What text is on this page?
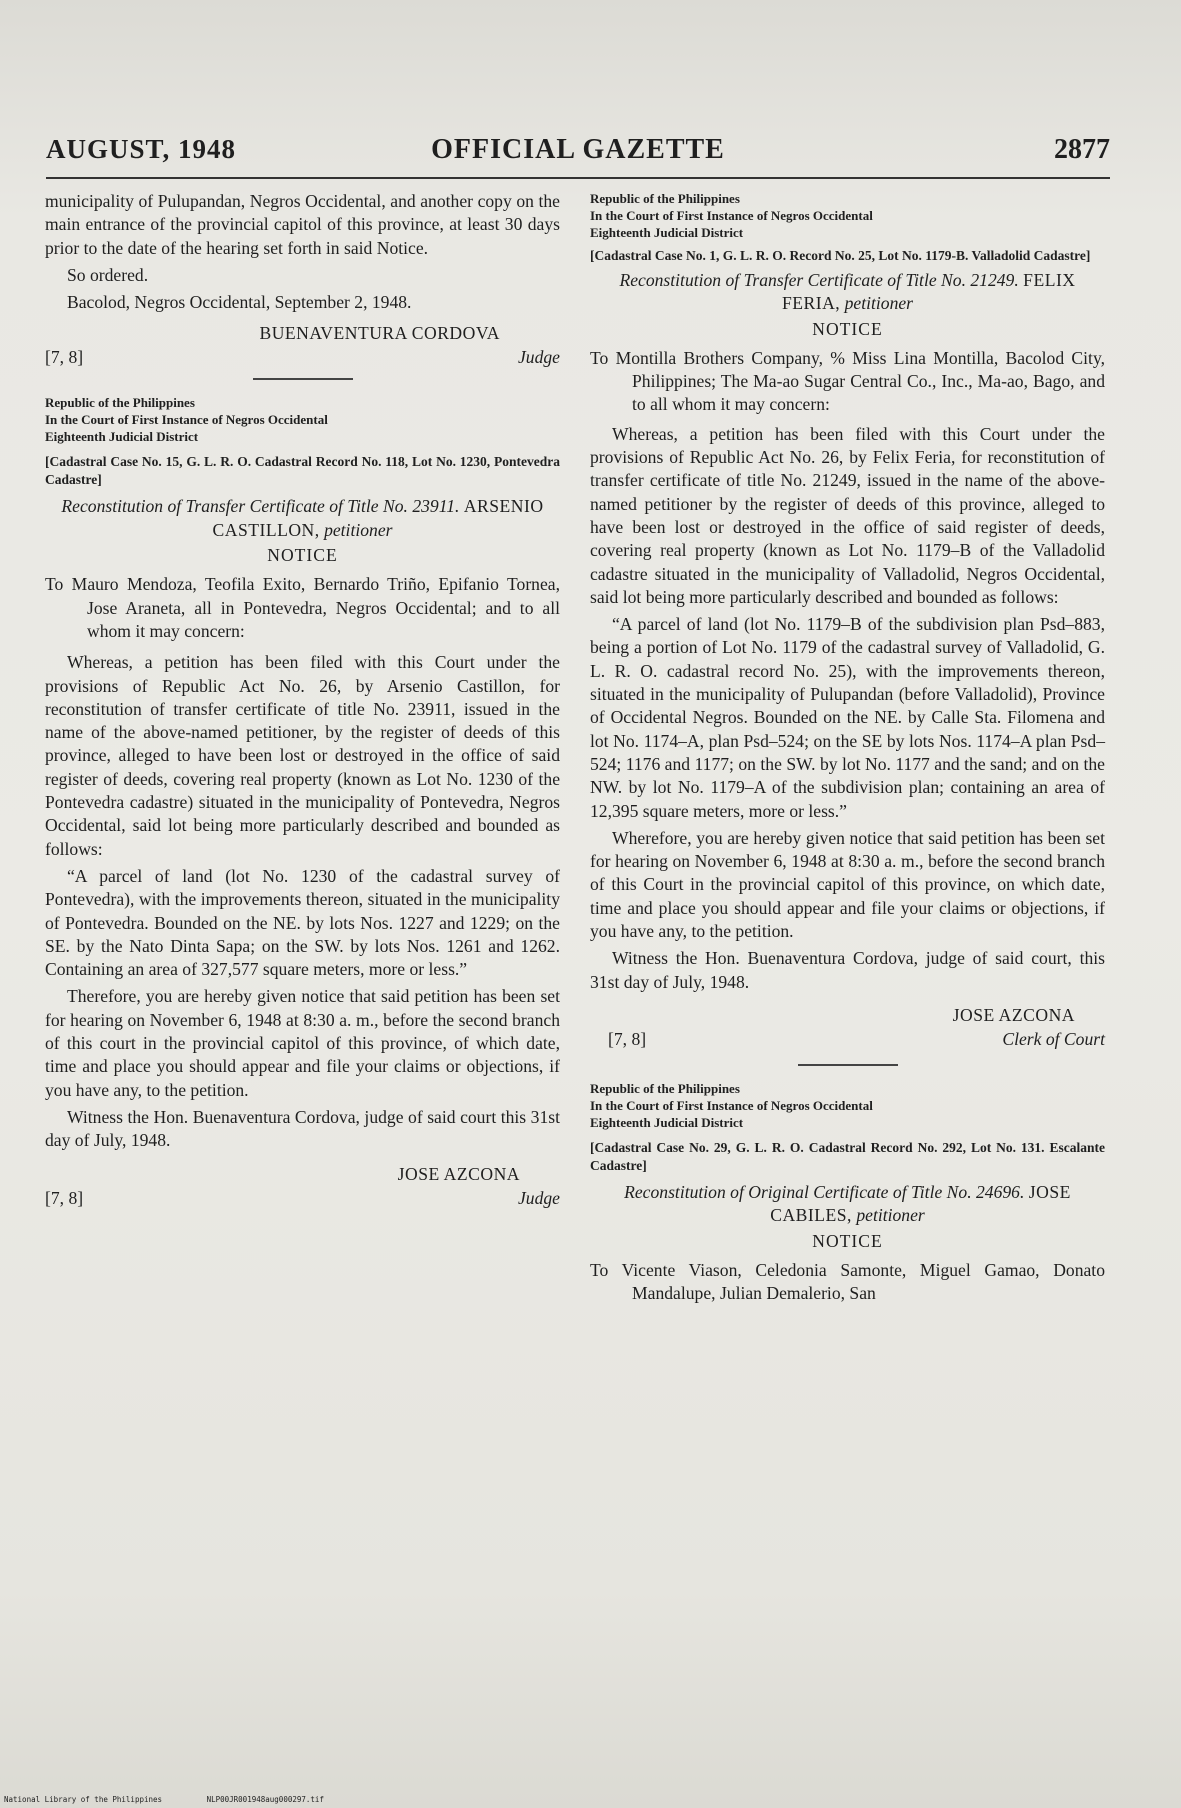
AUGUST, 1948	OFFICIAL GAZETTE	2877

municipality of Pulupandan, Negros Occidental, and another copy on the main entrance of the provincial capitol of this province, at least 30 days prior to the date of the hearing set forth in said Notice.

So ordered.

Bacolod, Negros Occidental, September 2, 1948.

BUENAVENTURA CORDOVA
[7, 8]	Judge

Republic of the Philippines

In the Court of First Instance of Negros Occidental

Eighteenth Judicial District

[Cadastral Case No. 15, G. L. R. O. Cadastral Record No. 118, Lot No. 1230, Pontevedra Cadastre]

Reconstitution of Transfer Certificate of Title No. 23911. ARSENIO CASTILLON, petitioner

NOTICE

To Mauro Mendoza, Teofila Exito, Bernardo Triño, Epifanio Tornea, Jose Araneta, all in Pontevedra, Negros Occidental; and to all whom it may concern:

Whereas, a petition has been filed with this Court under the provisions of Republic Act No. 26, by Arsenio Castillon, for reconstitution of transfer certificate of title No. 23911, issued in the name of the above-named petitioner, by the register of deeds of this province, alleged to have been lost or destroyed in the office of said register of deeds, covering real property (known as Lot No. 1230 of the Pontevedra cadastre) situated in the municipality of Pontevedra, Negros Occidental, said lot being more particularly described and bounded as follows:

“A parcel of land (lot No. 1230 of the cadastral survey of Pontevedra), with the improvements thereon, situated in the municipality of Pontevedra. Bounded on the NE. by lots Nos. 1227 and 1229; on the SE. by the Nato Dinta Sapa; on the SW. by lots Nos. 1261 and 1262. Containing an area of 327,577 square meters, more or less.”

Therefore, you are hereby given notice that said petition has been set for hearing on November 6, 1948 at 8:30 a. m., before the second branch of this court in the provincial capitol of this province, of which date, time and place you should appear and file your claims or objections, if you have any, to the petition.

Witness the Hon. Buenaventura Cordova, judge of said court this 31st day of July, 1948.

JOSE AZCONA
[7, 8]	Judge

Republic of the Philippines

In the Court of First Instance of Negros Occidental

Eighteenth Judicial District

[Cadastral Case No. 1, G. L. R. O. Record No. 25, Lot No. 1179-B. Valladolid Cadastre]

Reconstitution of Transfer Certificate of Title No. 21249. FELIX FERIA, petitioner

NOTICE

To Montilla Brothers Company, % Miss Lina Montilla, Bacolod City, Philippines; The Ma-ao Sugar Central Co., Inc., Ma-ao, Bago, and to all whom it may concern:

Whereas, a petition has been filed with this Court under the provisions of Republic Act No. 26, by Felix Feria, for reconstitution of transfer certificate of title No. 21249, issued in the name of the above-named petitioner by the register of deeds of this province, alleged to have been lost or destroyed in the office of said register of deeds, covering real property (known as Lot No. 1179–B of the Valladolid cadastre situated in the municipality of Valladolid, Negros Occidental, said lot being more particularly described and bounded as follows:

“A parcel of land (lot No. 1179–B of the subdivision plan Psd–883, being a portion of Lot No. 1179 of the cadastral survey of Valladolid, G. L. R. O. cadastral record No. 25), with the improvements thereon, situated in the municipality of Pulupandan (before Valladolid), Province of Occidental Negros. Bounded on the NE. by Calle Sta. Filomena and lot No. 1174–A, plan Psd–524; on the SE by lots Nos. 1174–A plan Psd–524; 1176 and 1177; on the SW. by lot No. 1177 and the sand; and on the NW. by lot No. 1179–A of the subdivision plan; containing an area of 12,395 square meters, more or less.”

Wherefore, you are hereby given notice that said petition has been set for hearing on November 6, 1948 at 8:30 a. m., before the second branch of this Court in the provincial capitol of this province, on which date, time and place you should appear and file your claims or objections, if you have any, to the petition.

Witness the Hon. Buenaventura Cordova, judge of said court, this 31st day of July, 1948.

JOSE AZCONA
[7, 8]	Clerk of Court

Republic of the Philippines

In the Court of First Instance of Negros Occidental

Eighteenth Judicial District

[Cadastral Case No. 29, G. L. R. O. Cadastral Record No. 292, Lot No. 131. Escalante Cadastre]

Reconstitution of Original Certificate of Title No. 24696. JOSE CABILES, petitioner

NOTICE

To Vicente Viason, Celedonia Samonte, Miguel Gamao, Donato Mandalupe, Julian Demalerio, San

National Library of the Philippines	NLP00JR001948aug000297.tif
